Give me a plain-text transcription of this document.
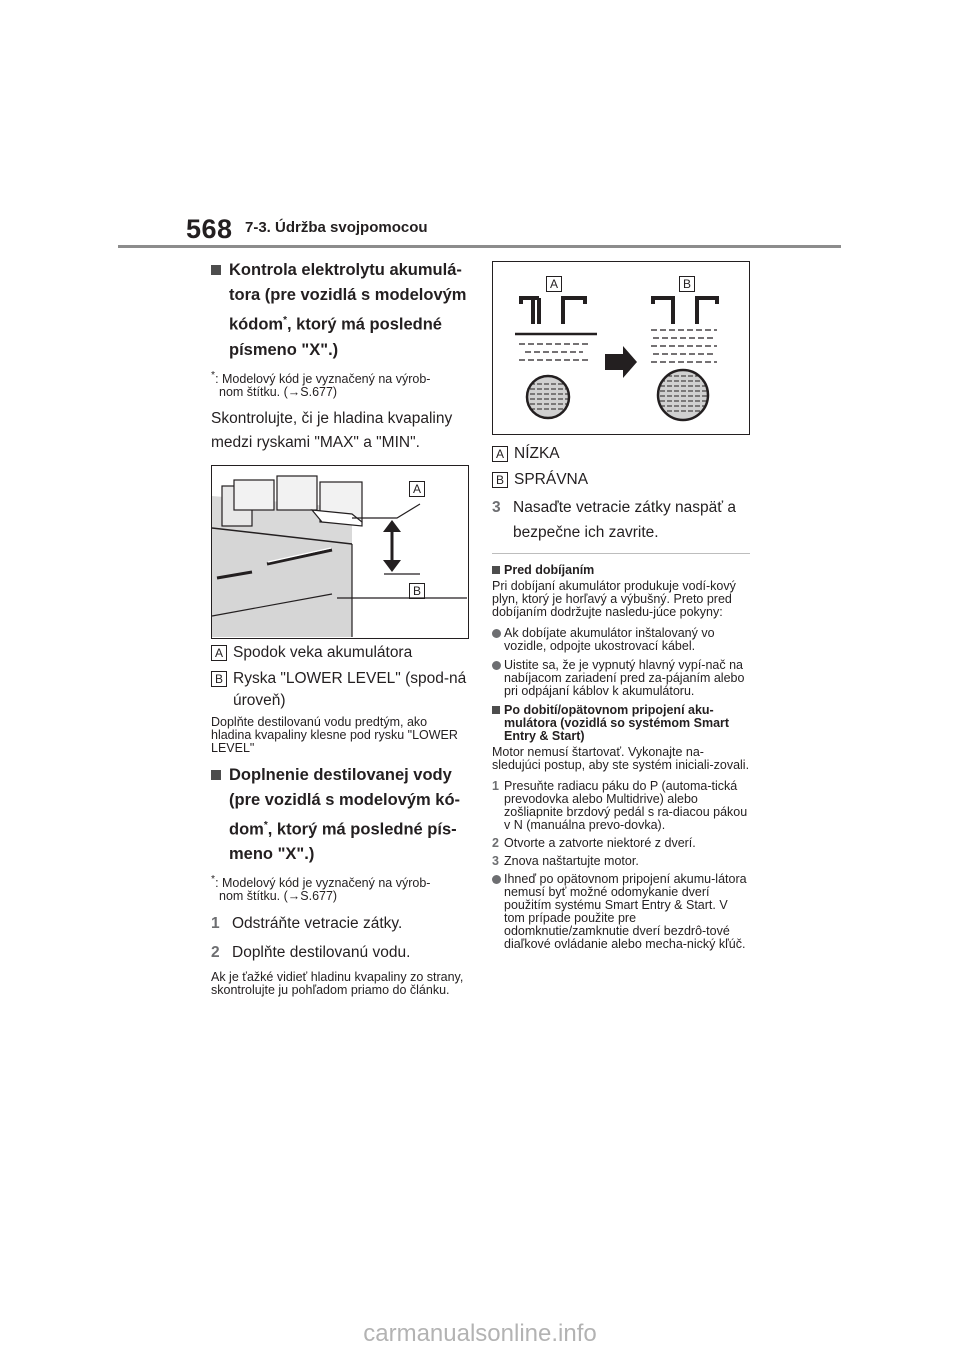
568 7-3. Údržba svojpomocou
Kontrola elektrolytu akumulá-
tora (pre vozidlá s modelovým
kódom*, ktorý má posledné
písmeno "X".)
*: Modelový kód je vyznačený na výrob-
nom štítku. (→S.677)
Skontrolujte, či je hladina kvapaliny medzi ryskami "MAX" a "MIN".
A
B
A Spodok veka akumulátora
B Ryska "LOWER LEVEL" (spod-ná úroveň)
Doplňte destilovanú vodu predtým, ako hladina kvapaliny klesne pod rysku "LOWER LEVEL"
Doplnenie destilovanej vody
(pre vozidlá s modelovým kó-
dom*, ktorý má posledné pís-
meno "X".)
*: Modelový kód je vyznačený na výrob-
nom štítku. (→S.677)
1 Odstráňte vetracie zátky.
2 Doplňte destilovanú vodu.
Ak je ťažké vidieť hladinu kvapaliny zo strany, skontrolujte ju pohľadom priamo do článku.
A	B
A NÍZKA
B SPRÁVNA
3 Nasaďte vetracie zátky naspäť a bezpečne ich zavrite.
Pred dobíjaním
Pri dobíjaní akumulátor produkuje vodí-kový plyn, ktorý je horľavý a výbušný. Preto pred dobíjaním dodržujte nasledu-júce pokyny:
Ak dobíjate akumulátor inštalovaný vo vozidle, odpojte ukostrovací kábel.
Uistite sa, že je vypnutý hlavný vypí-nač na nabíjacom zariadení pred za-pájaním alebo pri odpájaní káblov k akumulátoru.
Po dobití/opätovnom pripojení aku-mulátora (vozidlá so systémom Smart Entry & Start)
Motor nemusí štartovať. Vykonajte na-sledujúci postup, aby ste systém iniciali-zovali.
1 Presuňte radiacu páku do P (automa-tická prevodovka alebo Multidrive) alebo zošliapnite brzdový pedál s ra-diacou pákou v N (manuálna prevo-dovka).
2 Otvorte a zatvorte niektoré z dverí.
3 Znova naštartujte motor.
Ihneď po opätovnom pripojení akumu-látora nemusí byť možné odomykanie dverí použitím systému Smart Entry & Start. V tom prípade použite pre odomknutie/zamknutie dverí bezdrô-tové diaľkové ovládanie alebo mecha-nický kľúč.
carmanualsonline.info
